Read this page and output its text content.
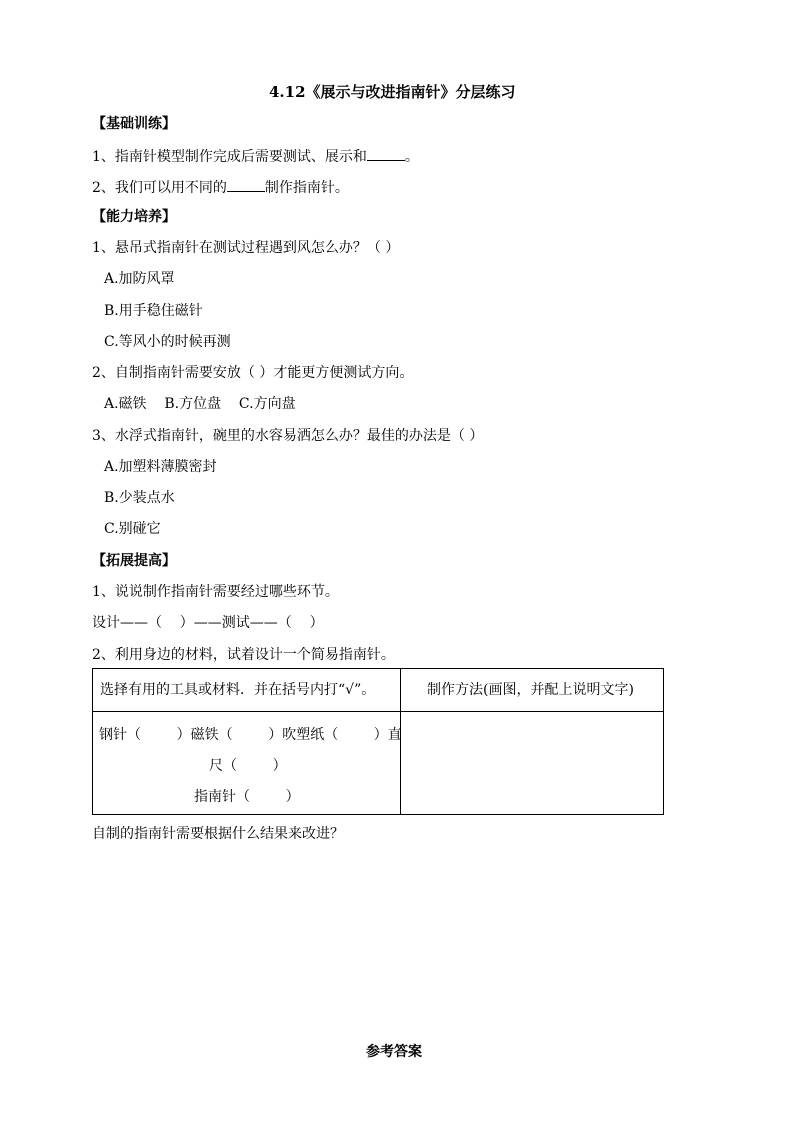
4.12《展示与改进指南针》分层练习
【基础训练】
1、指南针模型制作完成后需要测试、展示和	。
2、我们可以用不同的	制作指南针。
【能力培养】
1、悬吊式指南针在测试过程遇到风怎么办？（ ）
A.加防风罩
B.用手稳住磁针
C.等风小的时候再测
2、自制指南针需要安放（ ）才能更方便测试方向。
A.磁铁    B.方位盘    C.方向盘
3、水浮式指南针，碗里的水容易洒怎么办？最佳的办法是（ ）
A.加塑料薄膜密封
B.少装点水
C.别碰它
【拓展提高】
1、说说制作指南针需要经过哪些环节。
设计——（    ）——测试——（    ）
2、利用身边的材料，试着设计一个简易指南针。
选择有用的工具或材料．并在括号内打“√”。	制作方法(画图，并配上说明文字)

钢针（        ）磁铁（        ）吹塑纸（        ）直
尺（        ）
指南针（        ）	

自制的指南针需要根据什么结果来改进？
参考答案
